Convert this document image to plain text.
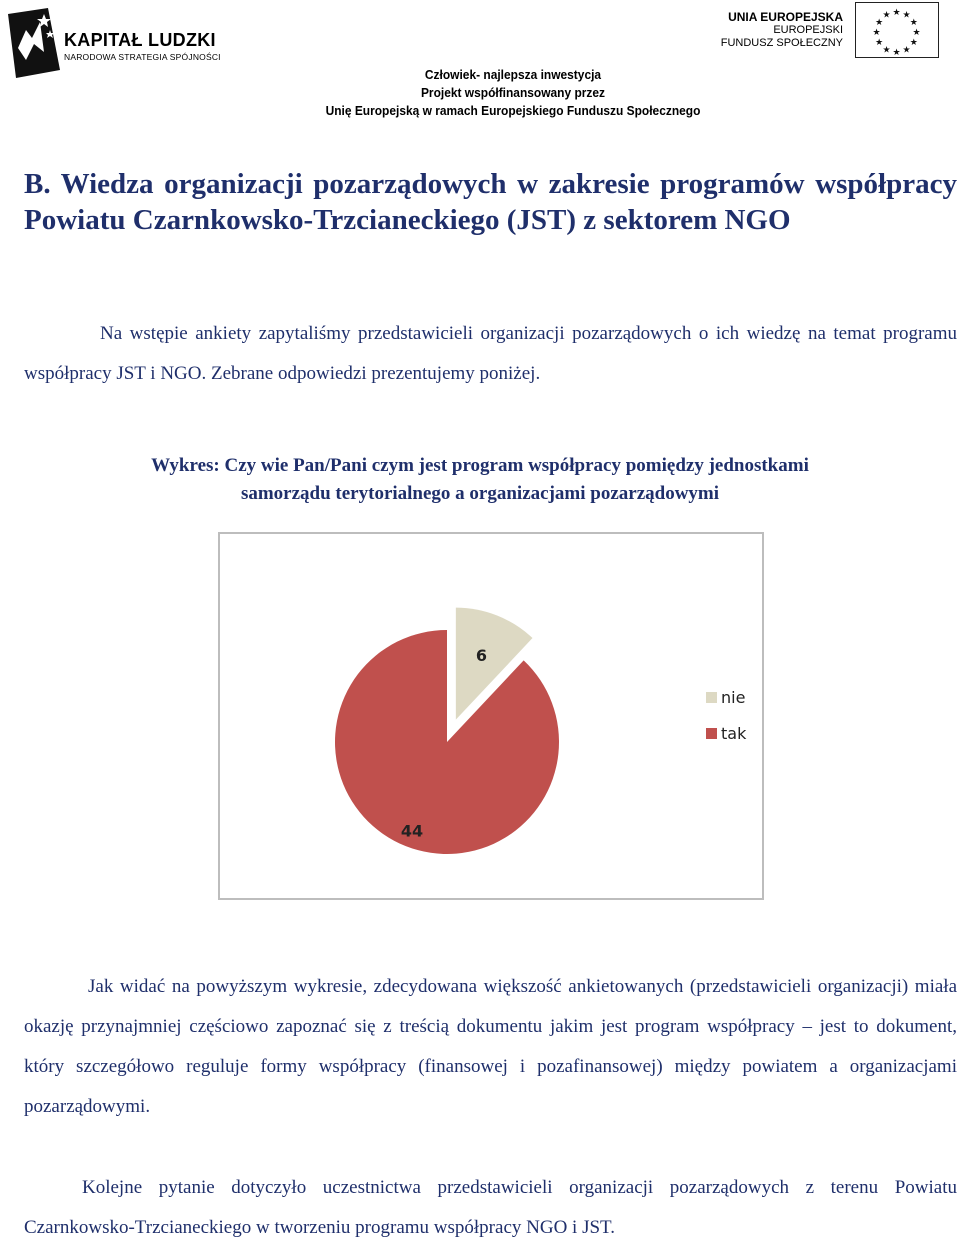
KAPITAŁ LUDZKI
NARODOWA STRATEGIA SPÓJNOŚCI
UNIA EUROPEJSKA
EUROPEJSKI
FUNDUSZ SPOŁECZNY
★ ★
★
★
★
★
★
★
★
★
★
★
Człowiek- najlepsza inwestycja
Projekt współfinansowany przez
Unię Europejską w ramach Europejskiego Funduszu Społecznego
B. Wiedza organizacji pozarządowych w zakresie programów współpracy Powiatu Czarnkowsko-Trzcianeckiego (JST) z sektorem NGO
Na wstępie ankiety zapytaliśmy przedstawicieli organizacji pozarządowych o ich wiedzę na temat programu współpracy JST i NGO. Zebrane odpowiedzi prezentujemy poniżej.
Wykres: Czy wie Pan/Pani czym jest program współpracy pomiędzy jednostkami samorządu terytorialnego a organizacjami pozarządowymi
6
44
nie
tak
Jak widać na powyższym wykresie, zdecydowana większość ankietowanych (przedstawicieli organizacji) miała okazję przynajmniej częściowo zapoznać się z treścią dokumentu jakim jest program współpracy – jest to dokument, który szczegółowo reguluje formy współpracy (finansowej i pozafinansowej) między powiatem a organizacjami pozarządowymi.
Kolejne pytanie dotyczyło uczestnictwa przedstawicieli organizacji pozarządowych z terenu Powiatu Czarnkowsko-Trzcianeckiego w tworzeniu programu współpracy NGO i JST.
